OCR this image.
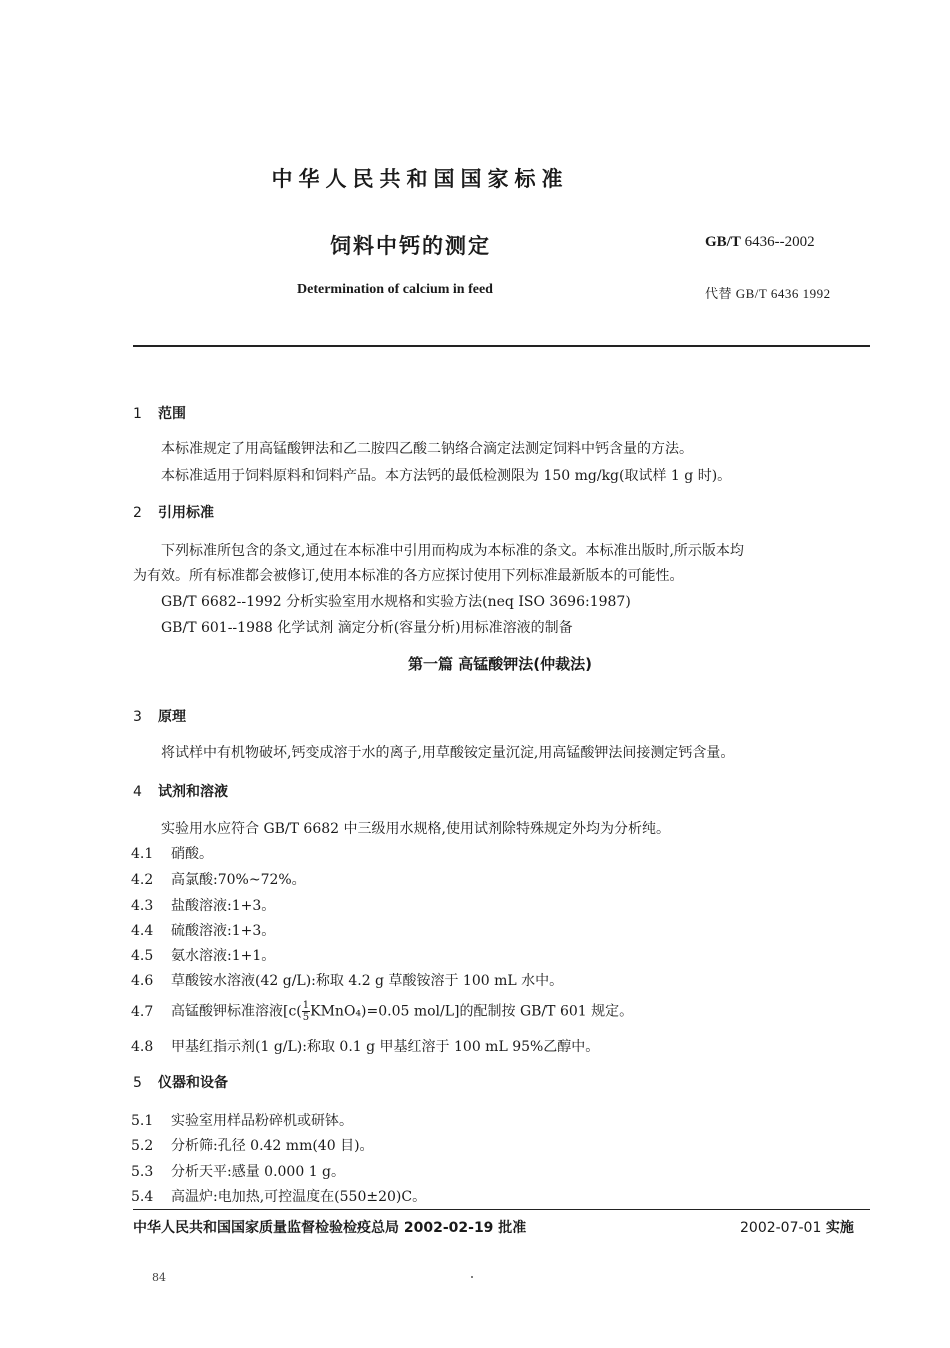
中华人民共和国国家标准
饲料中钙的测定	GB/T 6436--2002
Determination of calcium in feed	代替 GB/T 6436 1992
1 范围
本标准规定了用高锰酸钾法和乙二胺四乙酸二钠络合滴定法测定饲料中钙含量的方法。
本标准适用于饲料原料和饲料产品。本方法钙的最低检测限为 150 mg/kg(取试样 1 g 时)。
2 引用标准
下列标准所包含的条文,通过在本标准中引用而构成为本标准的条文。本标准出版时,所示版本均
为有效。所有标准都会被修订,使用本标准的各方应探讨使用下列标准最新版本的可能性。
GB/T 6682--1992 分析实验室用水规格和实验方法(neq ISO 3696:1987)
GB/T 601--1988 化学试剂 滴定分析(容量分析)用标准溶液的制备
第一篇 高锰酸钾法(仲裁法)
3 原理
将试样中有机物破坏,钙变成溶于水的离子,用草酸铵定量沉淀,用高锰酸钾法间接测定钙含量。
4 试剂和溶液
实验用水应符合 GB/T 6682 中三级用水规格,使用试剂除特殊规定外均为分析纯。
4.1 硝酸。
4.2 高氯酸:70%~72%。
4.3 盐酸溶液:1+3。
4.4 硫酸溶液:1+3。
4.5 氨水溶液:1+1。
4.6 草酸铵水溶液(42 g/L):称取 4.2 g 草酸铵溶于 100 mL 水中。
4.7 高锰酸钾标准溶液[$c( \frac{1}{5}$ KMnO₄)=0.05 mol/L]的配制按 GB/T 601 规定。
4.8 甲基红指示剂(1 g/L):称取 0.1 g 甲基红溶于 100 mL 95%乙醇中。
5 仪器和设备
5.1 实验室用样品粉碎机或研钵。
5.2 分析筛:孔径 0.42 mm(40 目)。
5.3 分析天平:感量 0.000 1 g。
5.4 高温炉:电加热,可控温度在(550±20)C。
中华人民共和国国家质量监督检验检疫总局 2002-02-19 批准	2002-07-01 实施
84
